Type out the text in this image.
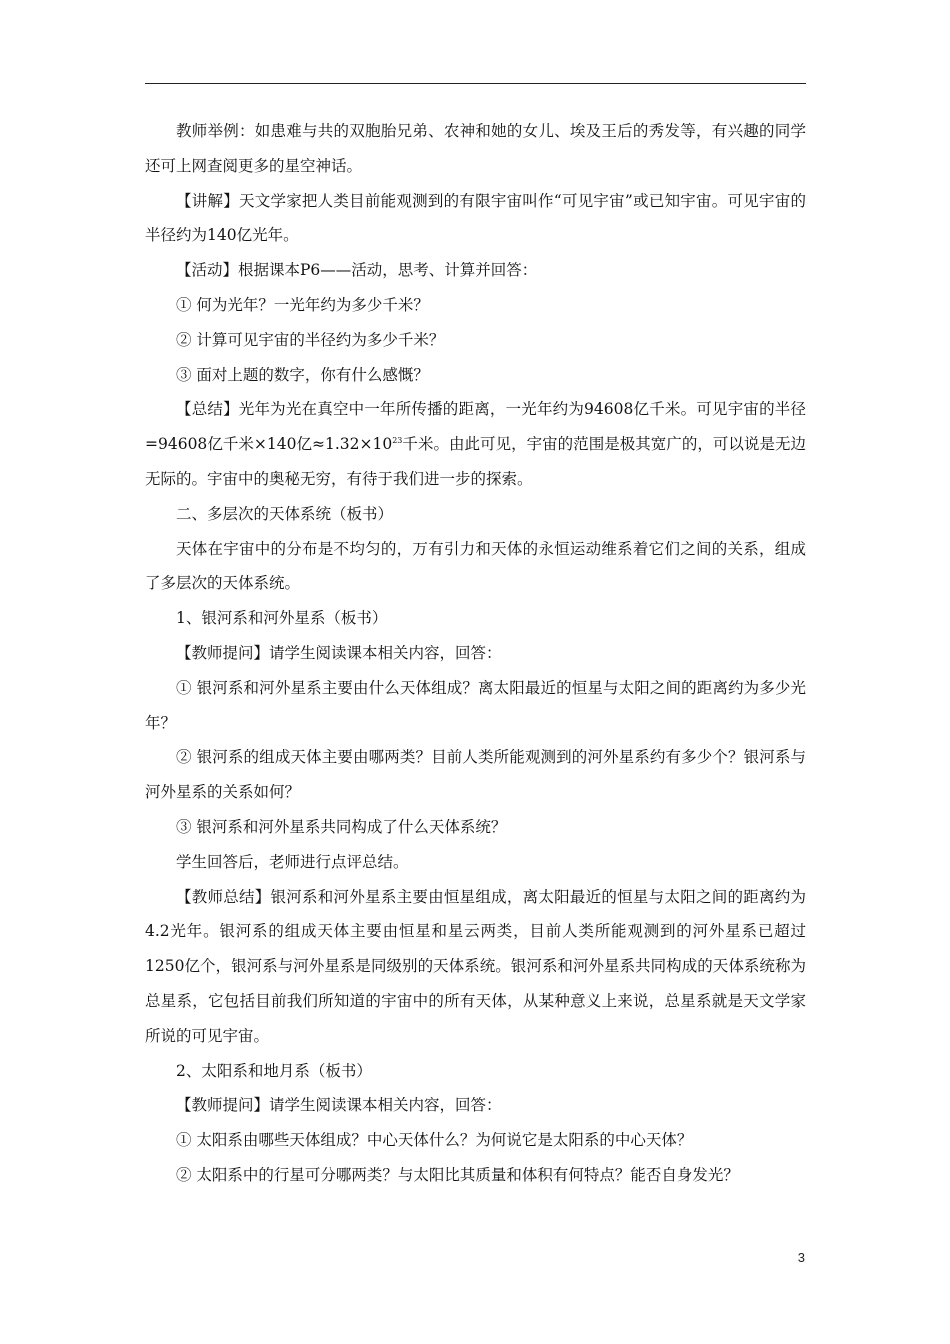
教师举例：如患难与共的双胞胎兄弟、农神和她的女儿、埃及王后的秀发等，有兴趣的同学还可上网查阅更多的星空神话。

【讲解】天文学家把人类目前能观测到的有限宇宙叫作“可见宇宙”或已知宇宙。可见宇宙的半径约为140亿光年。

【活动】根据课本P6——活动，思考、计算并回答：

① 何为光年？一光年约为多少千米？

② 计算可见宇宙的半径约为多少千米？

③ 面对上题的数字，你有什么感慨？

【总结】光年为光在真空中一年所传播的距离，一光年约为94608亿千米。可见宇宙的半径=94608亿千米×140亿$\approx 1.32\times 10^{23}$千米。由此可见，宇宙的范围是极其宽广的，可以说是无边无际的。宇宙中的奥秘无穷，有待于我们进一步的探索。

二、多层次的天体系统（板书）

天体在宇宙中的分布是不均匀的，万有引力和天体的永恒运动维系着它们之间的关系，组成了多层次的天体系统。

1、银河系和河外星系（板书）

【教师提问】请学生阅读课本相关内容，回答：

① 银河系和河外星系主要由什么天体组成？离太阳最近的恒星与太阳之间的距离约为多少光年？

② 银河系的组成天体主要由哪两类？目前人类所能观测到的河外星系约有多少个？银河系与河外星系的关系如何？

③ 银河系和河外星系共同构成了什么天体系统？

学生回答后，老师进行点评总结。

【教师总结】银河系和河外星系主要由恒星组成，离太阳最近的恒星与太阳之间的距离约为4.2光年。银河系的组成天体主要由恒星和星云两类，目前人类所能观测到的河外星系已超过1250亿个，银河系与河外星系是同级别的天体系统。银河系和河外星系共同构成的天体系统称为总星系，它包括目前我们所知道的宇宙中的所有天体，从某种意义上来说，总星系就是天文学家所说的可见宇宙。

2、太阳系和地月系（板书）

【教师提问】请学生阅读课本相关内容，回答：

① 太阳系由哪些天体组成？中心天体什么？为何说它是太阳系的中心天体？

② 太阳系中的行星可分哪两类？与太阳比其质量和体积有何特点？能否自身发光？

3
